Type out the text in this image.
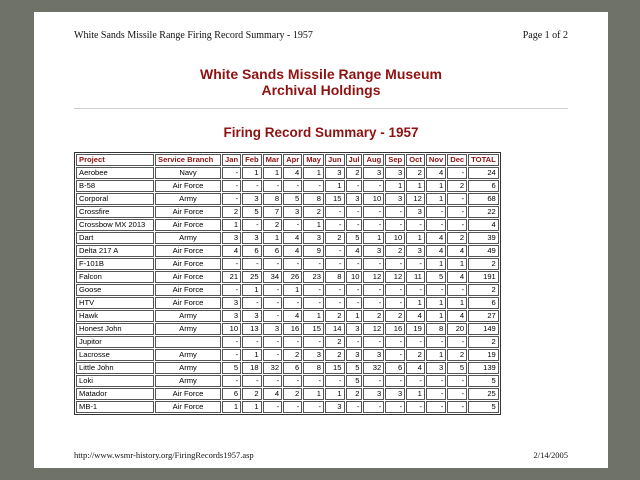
White Sands Missile Range Firing Record Summary - 1957	Page 1 of 2
White Sands Missile Range Museum
Archival Holdings
Firing Record Summary - 1957
Project	Service Branch	Jan	Feb	Mar	Apr	May	Jun	Jul	Aug	Sep	Oct	Nov	Dec	TOTAL
Aerobee	Navy	-	1	1	4	1	3	2	3	3	2	4	-	24
B-58	Air Force	-	-	-	-	-	1	-	-	1	1	1	2	6
Corporal	Army	-	3	8	5	8	15	3	10	3	12	1	-	68
Crossfire	Air Force	2	5	7	3	2	-	-	-	-	3	-	-	22
Crossbow MX 2013	Air Force	1	-	2	-	1	-	-	-	-	-	-	-	4
Dart	Army	3	3	1	4	3	2	5	1	10	1	4	2	39
Delta 217 A	Air Force	4	6	6	4	9	-	4	3	2	3	4	4	49
F-101B	Air Force	-	-	-	-	-	-	-	-	-	-	1	1	2
Falcon	Air Force	21	25	34	26	23	8	10	12	12	11	5	4	191
Goose	Air Force	-	1	-	1	-	-	-	-	-	-	-	-	2
HTV	Air Force	3	-	-	-	-	-	-	-	-	1	1	1	6
Hawk	Army	3	3	-	4	1	2	1	2	2	4	1	4	27
Honest John	Army	10	13	3	16	15	14	3	12	16	19	8	20	149
Jupitor		-	-	-	-	-	2	-	-	-	-	-	-	2
Lacrosse	Army	-	1	-	2	3	2	3	3	-	2	1	2	19
Little John	Army	5	18	32	6	8	15	5	32	6	4	3	5	139
Loki	Army	-	-	-	-	-	-	5	-	-	-	-	-	5
Matador	Air Force	6	2	4	2	1	1	2	3	3	1	-	-	25
MB-1	Air Force	1	1	-	-	-	3	-	-	-	-	-	-	5
http://www.wsmr-history.org/FiringRecords1957.asp	2/14/2005
